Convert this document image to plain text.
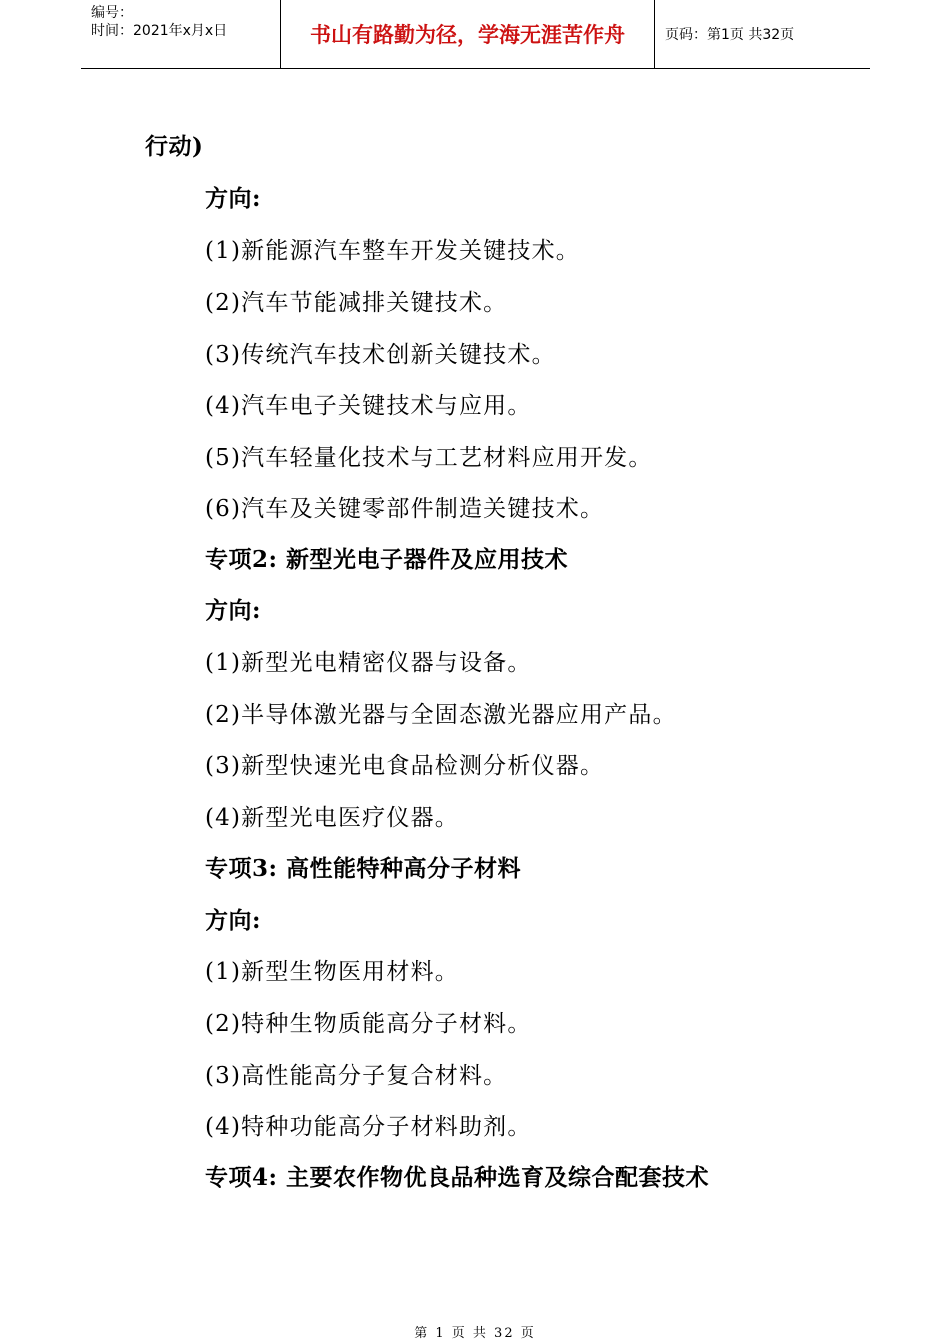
编号：
时间：2021年x月x日	书山有路勤为径，学海无涯苦作舟	页码：第1页 共32页
行动)
方向:
(1)新能源汽车整车开发关键技术。
(2)汽车节能减排关键技术。
(3)传统汽车技术创新关键技术。
(4)汽车电子关键技术与应用。
(5)汽车轻量化技术与工艺材料应用开发。
(6)汽车及关键零部件制造关键技术。
专项2: 新型光电子器件及应用技术
方向:
(1)新型光电精密仪器与设备。
(2)半导体激光器与全固态激光器应用产品。
(3)新型快速光电食品检测分析仪器。
(4)新型光电医疗仪器。
专项3: 高性能特种高分子材料
方向:
(1)新型生物医用材料。
(2)特种生物质能高分子材料。
(3)高性能高分子复合材料。
(4)特种功能高分子材料助剂。
专项4: 主要农作物优良品种选育及综合配套技术
第 1 页 共 32 页
